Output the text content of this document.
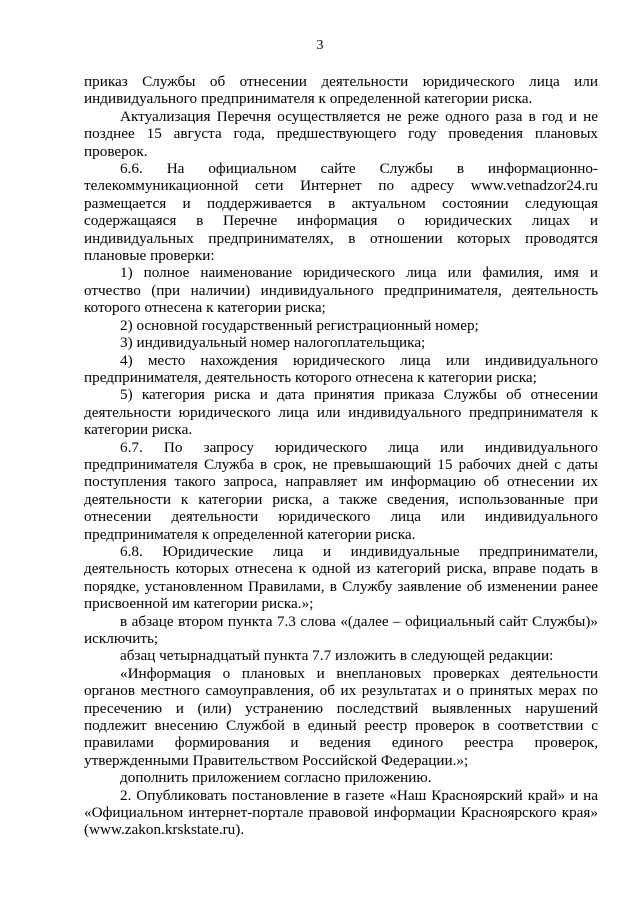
3

приказ Службы об отнесении деятельности юридического лица или индивидуального предпринимателя к определенной категории риска.

Актуализация Перечня осуществляется не реже одного раза в год и не позднее 15 августа года, предшествующего году проведения плановых проверок.

6.6. На официальном сайте Службы в информационно-телекоммуникационной сети Интернет по адресу www.vetnadzor24.ru размещается и поддерживается в актуальном состоянии следующая содержащаяся в Перечне информация о юридических лицах и индивидуальных предпринимателях, в отношении которых проводятся плановые проверки:

1) полное наименование юридического лица или фамилия, имя и отчество (при наличии) индивидуального предпринимателя, деятельность которого отнесена к категории риска;

2) основной государственный регистрационный номер;

3) индивидуальный номер налогоплательщика;

4) место нахождения юридического лица или индивидуального предпринимателя, деятельность которого отнесена к категории риска;

5) категория риска и дата принятия приказа Службы об отнесении деятельности юридического лица или индивидуального предпринимателя к категории риска.

6.7. По запросу юридического лица или индивидуального предпринимателя Служба в срок, не превышающий 15 рабочих дней с даты поступления такого запроса, направляет им информацию об отнесении их деятельности к категории риска, а также сведения, использованные при отнесении деятельности юридического лица или индивидуального предпринимателя к определенной категории риска.

6.8. Юридические лица и индивидуальные предприниматели, деятельность которых отнесена к одной из категорий риска, вправе подать в порядке, установленном Правилами, в Службу заявление об изменении ранее присвоенной им категории риска.»;

в абзаце втором пункта 7.3 слова «(далее – официальный сайт Службы)» исключить;

абзац четырнадцатый пункта 7.7 изложить в следующей редакции:

«Информация о плановых и внеплановых проверках деятельности органов местного самоуправления, об их результатах и о принятых мерах по пресечению и (или) устранению последствий выявленных нарушений подлежит внесению Службой в единый реестр проверок в соответствии с правилами формирования и ведения единого реестра проверок, утвержденными Правительством Российской Федерации.»;

дополнить приложением согласно приложению.

2. Опубликовать постановление в газете «Наш Красноярский край» и на «Официальном интернет-портале правовой информации Красноярского края» (www.zakon.krskstate.ru).
